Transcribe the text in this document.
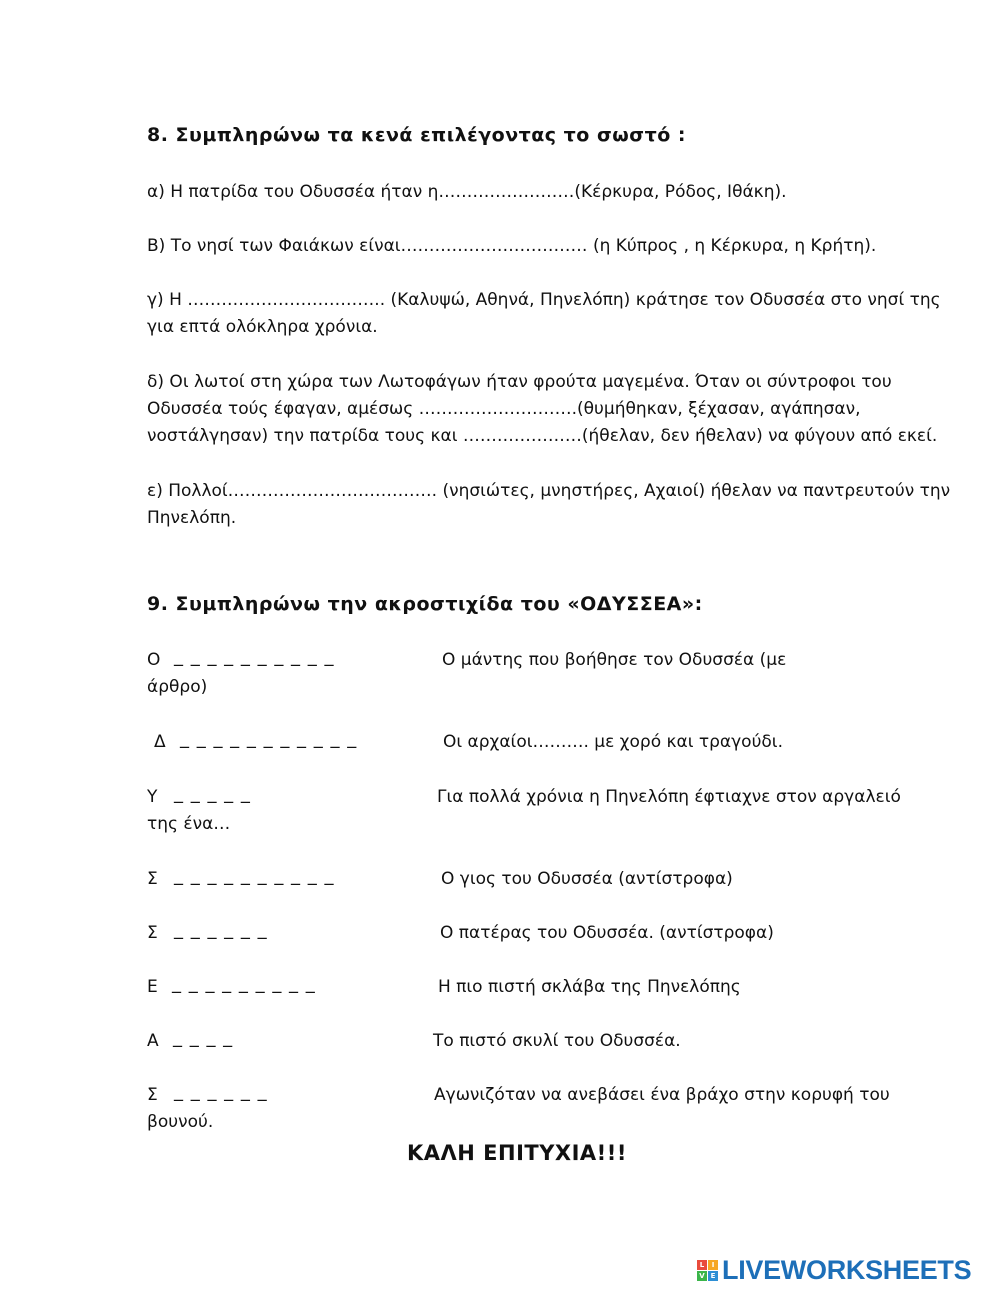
8. Συμπληρώνω τα κενά επιλέγοντας το σωστό :
α) Η πατρίδα του Οδυσσέα ήταν η……………………(Κέρκυρα, Ρόδος, Ιθάκη).
Β) Το νησί των Φαιάκων είναι…………………………… (η Κύπρος , η Κέρκυρα, η Κρήτη).
γ) Η …………………………….. (Καλυψώ, Αθηνά, Πηνελόπη) κράτησε τον Οδυσσέα στο νησί της
για επτά ολόκληρα χρόνια.
δ) Οι λωτοί στη χώρα των Λωτοφάγων ήταν φρούτα μαγεμένα. Όταν οι σύντροφοι του
Οδυσσέα τούς έφαγαν, αμέσως ……………………….(θυμήθηκαν, ξέχασαν, αγάπησαν,
νοστάλγησαν) την πατρίδα τους και …………………(ήθελαν, δεν ήθελαν) να φύγουν από εκεί.
ε) Πολλοί………………………………. (νησιώτες, μνηστήρες, Αχαιοί) ήθελαν να παντρευτούν την
Πηνελόπη.
9. Συμπληρώνω την ακροστιχίδα του «ΟΔΥΣΣΕΑ»:
Ο _ _ _ _ _ _ _ _ _ _	Ο μάντης που βοήθησε τον Οδυσσέα (με
άρθρο)
Δ _ _ _ _ _ _ _ _ _ _ _	Οι αρχαίοι………. με χορό και τραγούδι.
Υ _ _ _ _ _	Για πολλά χρόνια η Πηνελόπη έφτιαχνε στον αργαλειό
της ένα…
Σ _ _ _ _ _ _ _ _ _ _	Ο γιος του Οδυσσέα (αντίστροφα)
Σ _ _ _ _ _ _	Ο πατέρας του Οδυσσέα. (αντίστροφα)
Ε _ _ _ _ _ _ _ _ _	Η πιο πιστή σκλάβα της Πηνελόπης
Α _ _ _ _	Το πιστό σκυλί του Οδυσσέα.
Σ _ _ _ _ _ _	Αγωνιζόταν να ανεβάσει ένα βράχο στην κορυφή του
βουνού.
ΚΑΛΗ ΕΠΙΤΥΧΙΑ!!!
L	I
V E LIVEWORKSHEETS
